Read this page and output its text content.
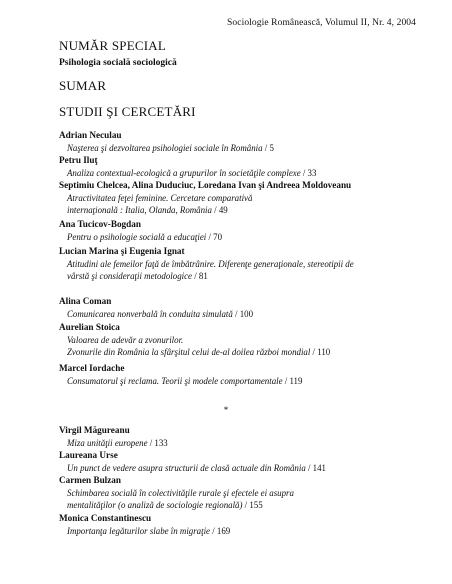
Sociologie Românească, Volumul II, Nr. 4, 2004
NUMĂR SPECIAL
Psihologia socială sociologică
SUMAR
STUDII ŞI CERCETĂRI
Adrian Neculau
Naşterea şi dezvoltarea psihologiei sociale în România / 5
Petru Iluţ
Analiza contextual-ecologică a grupurilor în societăţile complexe / 33
Septimiu Chelcea, Alina Duduciuc, Loredana Ivan şi Andreea Moldoveanu
Atractivitatea feţei feminine. Cercetare comparativă
internaţională : Italia, Olanda, România / 49
Ana Tucicov-Bogdan
Pentru o psihologie socială a educaţiei / 70
Lucian Marina şi Eugenia Ignat
Atitudini ale femeilor faţă de îmbătrânire. Diferenţe generaţionale, stereotipii de
vârstă şi consideraţii metodologice / 81
Alina Coman
Comunicarea nonverbală în conduita simulată / 100
Aurelian Stoica
Valoarea de adevăr a zvonurilor.
Zvonurile din România la sfârşitul celui de-al doilea război mondial / 110
Marcel Iordache
Consumatorul şi reclama. Teorii şi modele comportamentale / 119
Virgil Măgureanu
Miza unităţii europene / 133
Laureana Urse
Un punct de vedere asupra structurii de clasă actuale din România / 141
Carmen Bulzan
Schimbarea socială în colectivităţile rurale şi efectele ei asupra
mentalităţilor (o analiză de sociologie regională) / 155
Monica Constantinescu
Importanţa legăturilor slabe în migraţie / 169
*
